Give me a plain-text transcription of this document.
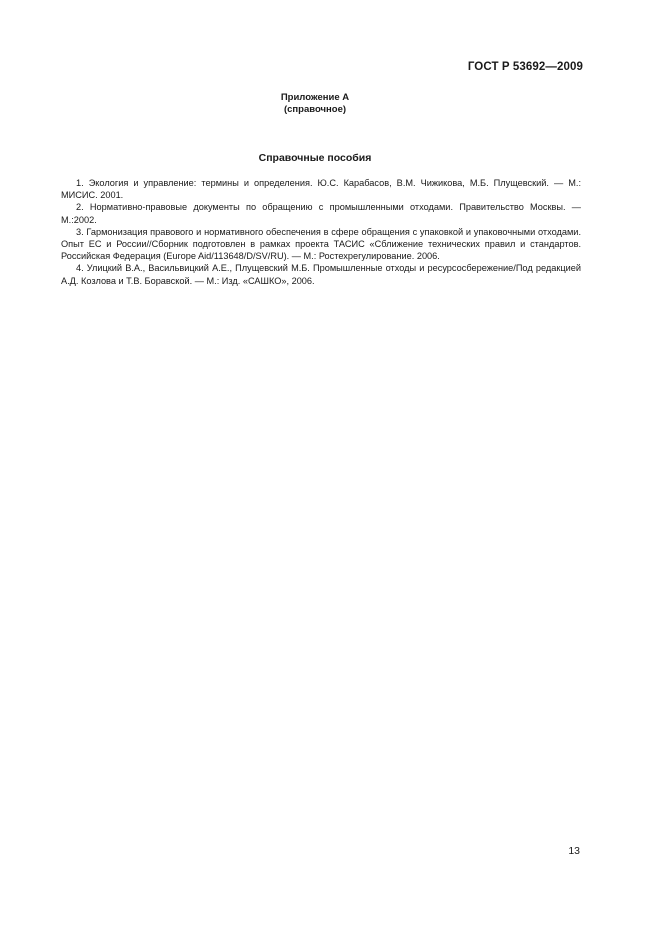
ГОСТ Р 53692—2009
Приложение А
(справочное)
Справочные пособия
1. Экология и управление: термины и определения. Ю.С. Карабасов, В.М. Чижикова, М.Б. Плущевский. — М.: МИСИС. 2001.
2. Нормативно-правовые документы по обращению с промышленными отходами. Правительство Москвы. — М.:2002.
3. Гармонизация правового и нормативного обеспечения в сфере обращения с упаковкой и упаковочными отходами. Опыт ЕС и России//Сборник подготовлен в рамках проекта ТАСИС «Сближение технических правил и стандартов. Российская Федерация (Europe Aid/113648/D/SV/RU). — М.: Ростехрегулирование. 2006.
4. Улицкий В.А., Васильвицкий А.Е., Плущевский М.Б. Промышленные отходы и ресурсосбережение/Под редакцией А.Д. Козлова и Т.В. Боравской. — М.: Изд. «САШКО», 2006.
13
